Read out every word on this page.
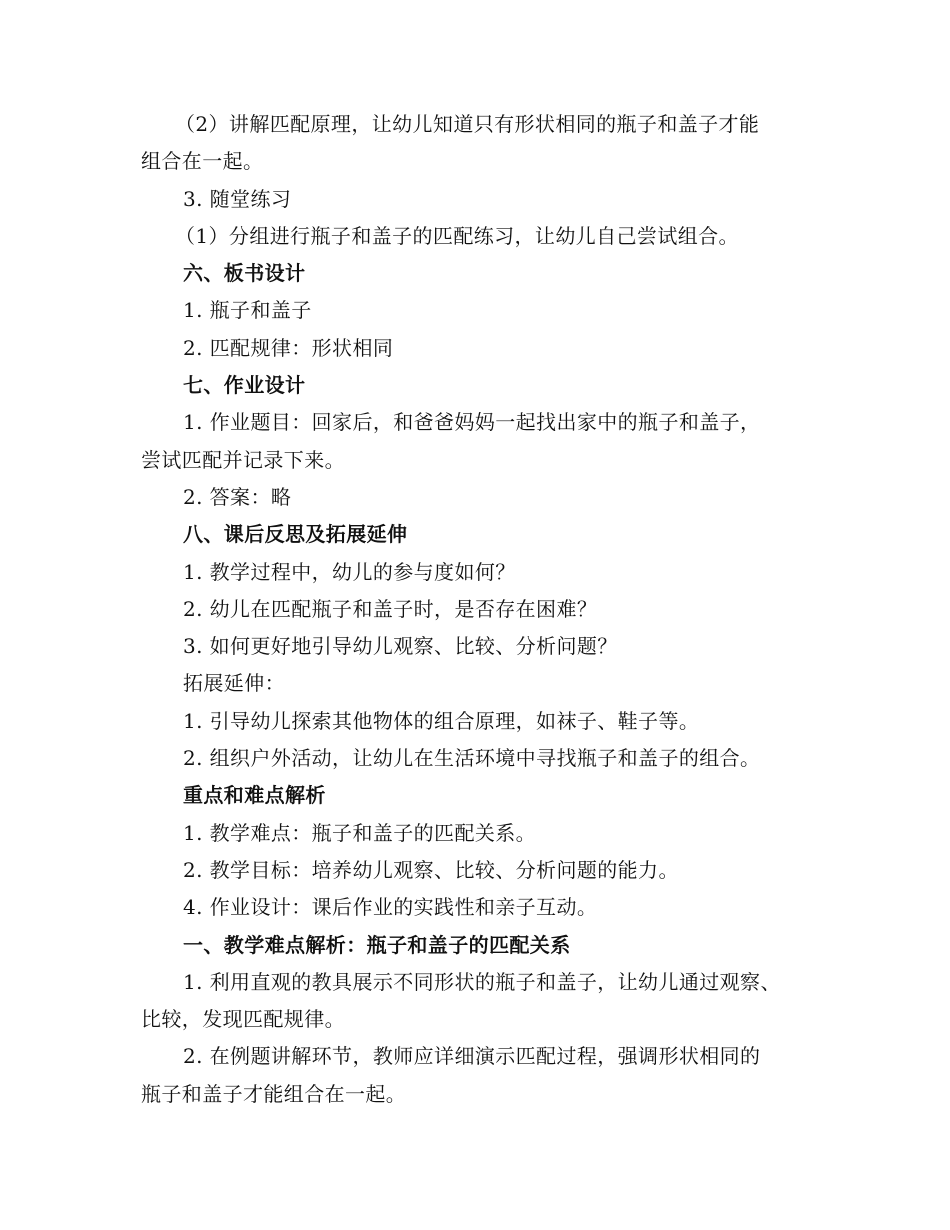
（2）讲解匹配原理，让幼儿知道只有形状相同的瓶子和盖子才能
组合在一起。
3. 随堂练习
（1）分组进行瓶子和盖子的匹配练习，让幼儿自己尝试组合。
六、板书设计
1. 瓶子和盖子
2. 匹配规律：形状相同
七、作业设计
1. 作业题目：回家后，和爸爸妈妈一起找出家中的瓶子和盖子，
尝试匹配并记录下来。
2. 答案：略
八、课后反思及拓展延伸
1. 教学过程中，幼儿的参与度如何？
2. 幼儿在匹配瓶子和盖子时，是否存在困难？
3. 如何更好地引导幼儿观察、比较、分析问题？
拓展延伸：
1. 引导幼儿探索其他物体的组合原理，如袜子、鞋子等。
2. 组织户外活动，让幼儿在生活环境中寻找瓶子和盖子的组合。
重点和难点解析
1. 教学难点：瓶子和盖子的匹配关系。
2. 教学目标：培养幼儿观察、比较、分析问题的能力。
4. 作业设计：课后作业的实践性和亲子互动。
一、教学难点解析：瓶子和盖子的匹配关系
1. 利用直观的教具展示不同形状的瓶子和盖子，让幼儿通过观察、
比较，发现匹配规律。
2. 在例题讲解环节，教师应详细演示匹配过程，强调形状相同的
瓶子和盖子才能组合在一起。
